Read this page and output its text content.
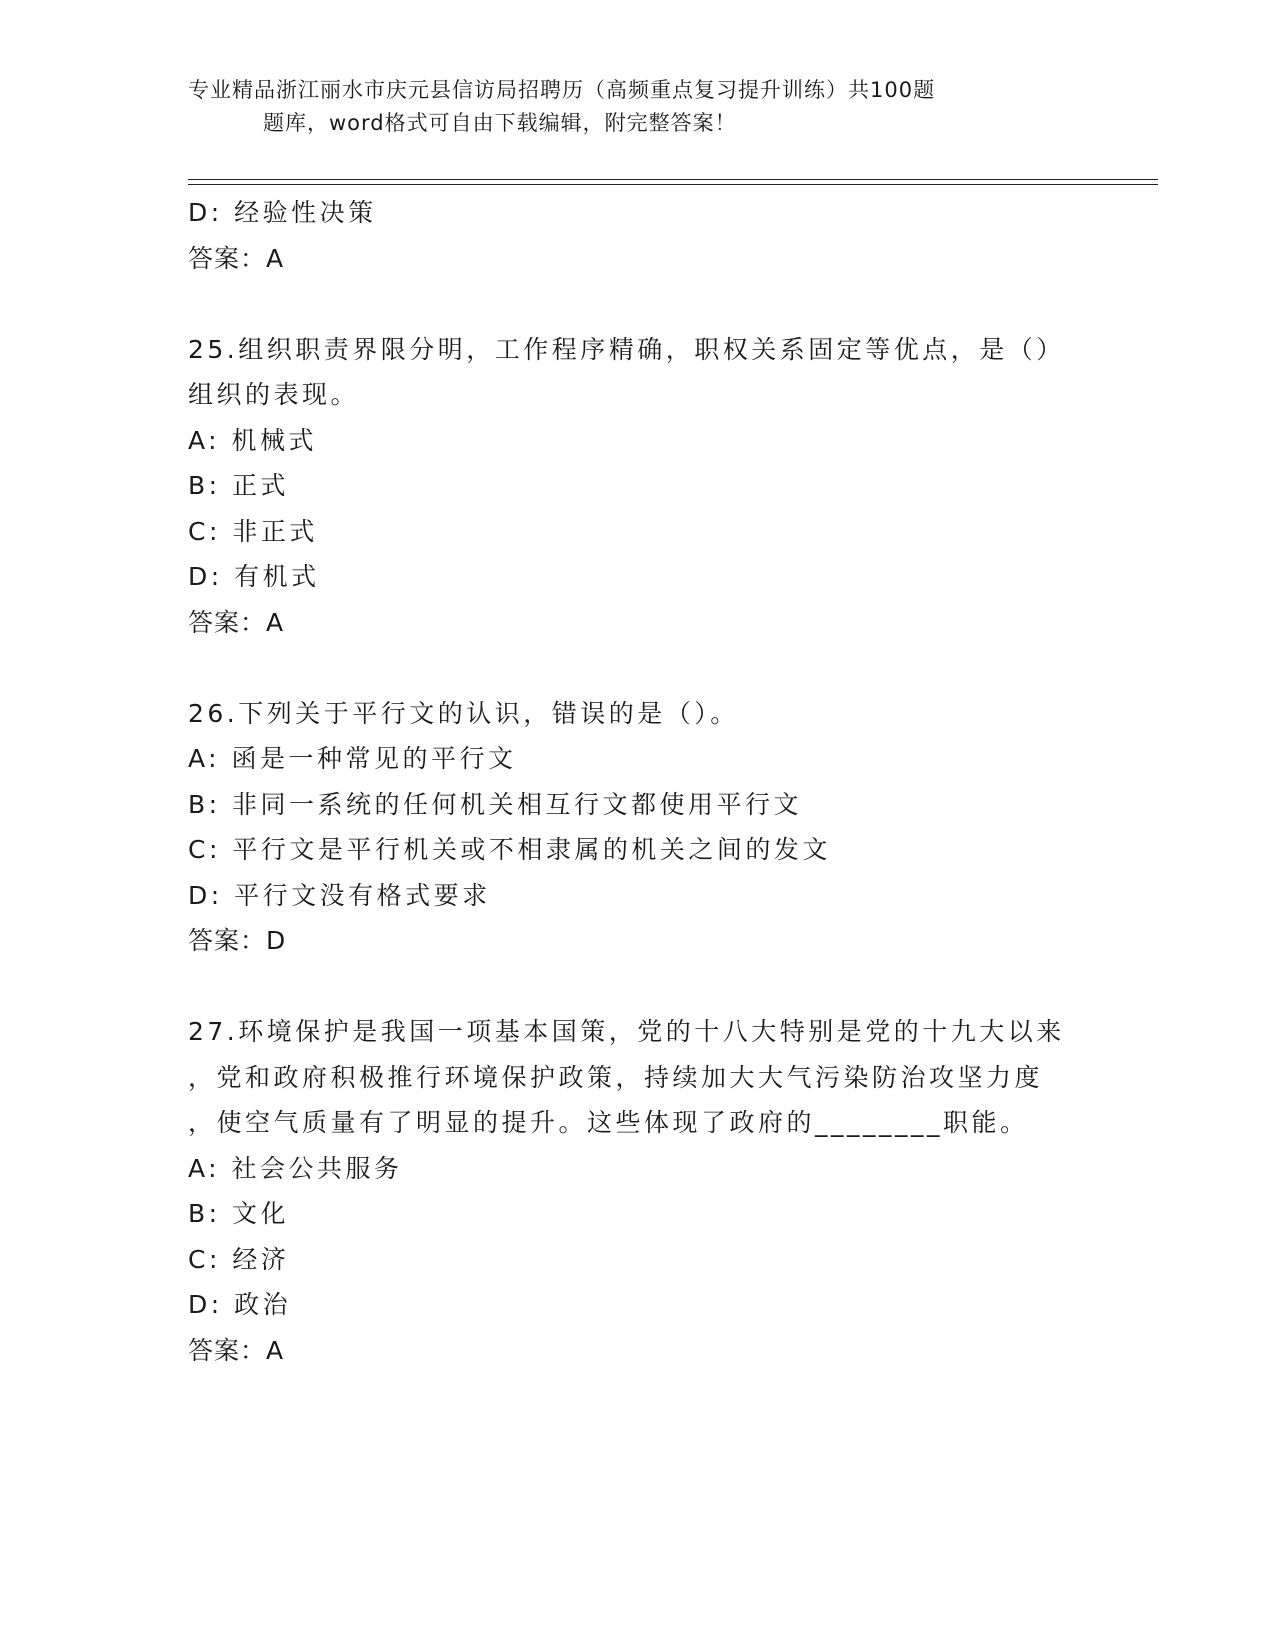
专业精品浙江丽水市庆元县信访局招聘历（高频重点复习提升训练）共100题
题库，word格式可自由下载编辑，附完整答案！
D: 经验性决策
答案：A
25.组织职责界限分明，工作程序精确，职权关系固定等优点，是（）
组织的表现。
A: 机械式
B: 正式
C: 非正式
D: 有机式
答案：A
26.下列关于平行文的认识，错误的是（）。
A: 函是一种常见的平行文
B: 非同一系统的任何机关相互行文都使用平行文
C: 平行文是平行机关或不相隶属的机关之间的发文
D: 平行文没有格式要求
答案：D
27.环境保护是我国一项基本国策，党的十八大特别是党的十九大以来
，党和政府积极推行环境保护政策，持续加大大气污染防治攻坚力度
，使空气质量有了明显的提升。这些体现了政府的________职能。
A: 社会公共服务
B: 文化
C: 经济
D: 政治
答案：A
